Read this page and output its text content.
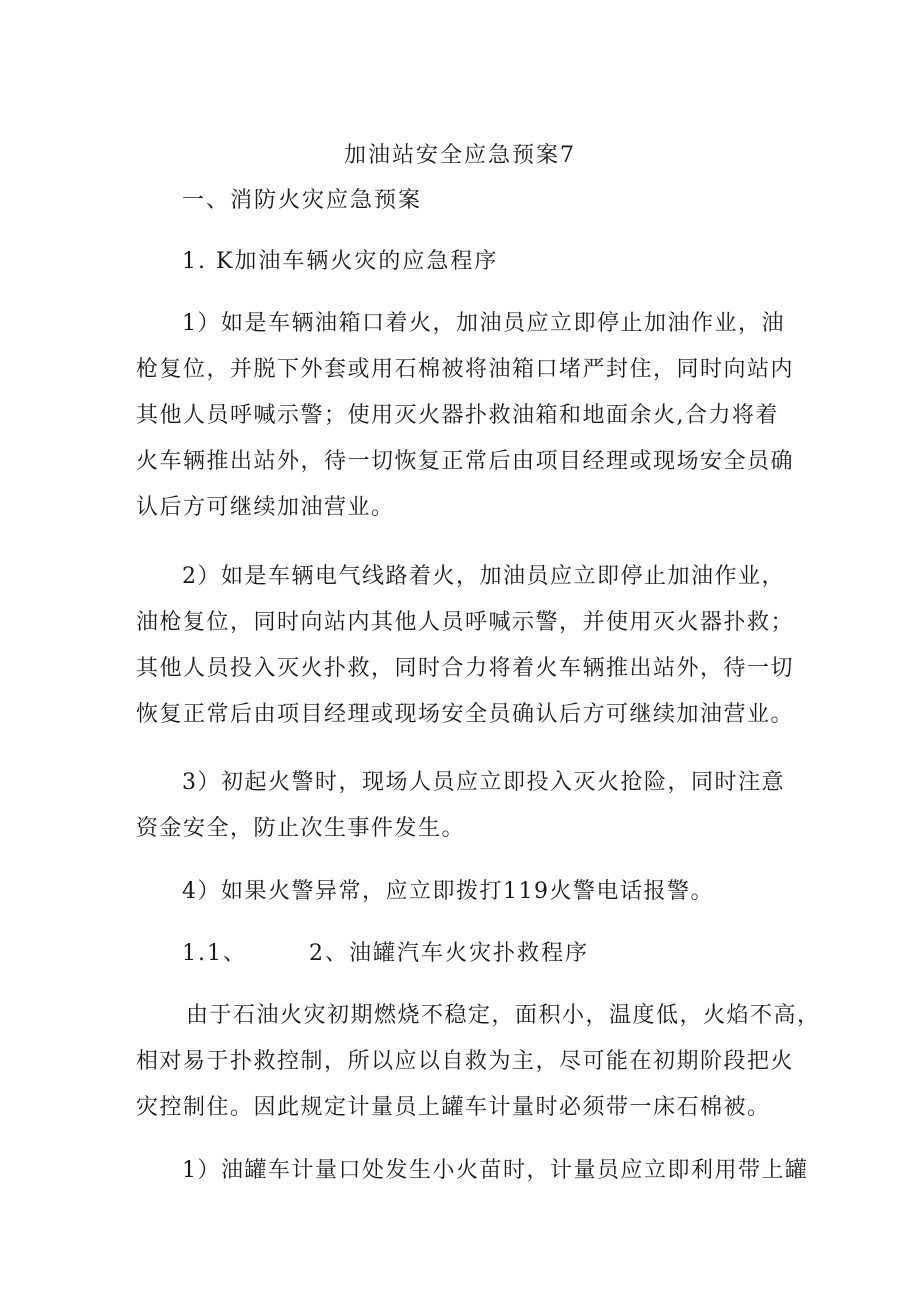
加油站安全应急预案7
一、消防火灾应急预案
1. K加油车辆火灾的应急程序
1）如是车辆油箱口着火，加油员应立即停止加油作业，油
枪复位，并脱下外套或用石棉被将油箱口堵严封住，同时向站内
其他人员呼喊示警；使用灭火器扑救油箱和地面余火,合力将着
火车辆推出站外，待一切恢复正常后由项目经理或现场安全员确
认后方可继续加油营业。
2）如是车辆电气线路着火，加油员应立即停止加油作业，
油枪复位，同时向站内其他人员呼喊示警，并使用灭火器扑救；
其他人员投入灭火扑救，同时合力将着火车辆推出站外，待一切
恢复正常后由项目经理或现场安全员确认后方可继续加油营业。
3）初起火警时，现场人员应立即投入灭火抢险，同时注意
资金安全，防止次生事件发生。
4）如果火警异常，应立即拨打119火警电话报警。
1.1、	2、油罐汽车火灾扑救程序
由于石油火灾初期燃烧不稳定，面积小，温度低，火焰不高，
相对易于扑救控制，所以应以自救为主，尽可能在初期阶段把火
灾控制住。因此规定计量员上罐车计量时必须带一床石棉被。
1）油罐车计量口处发生小火苗时，计量员应立即利用带上罐
